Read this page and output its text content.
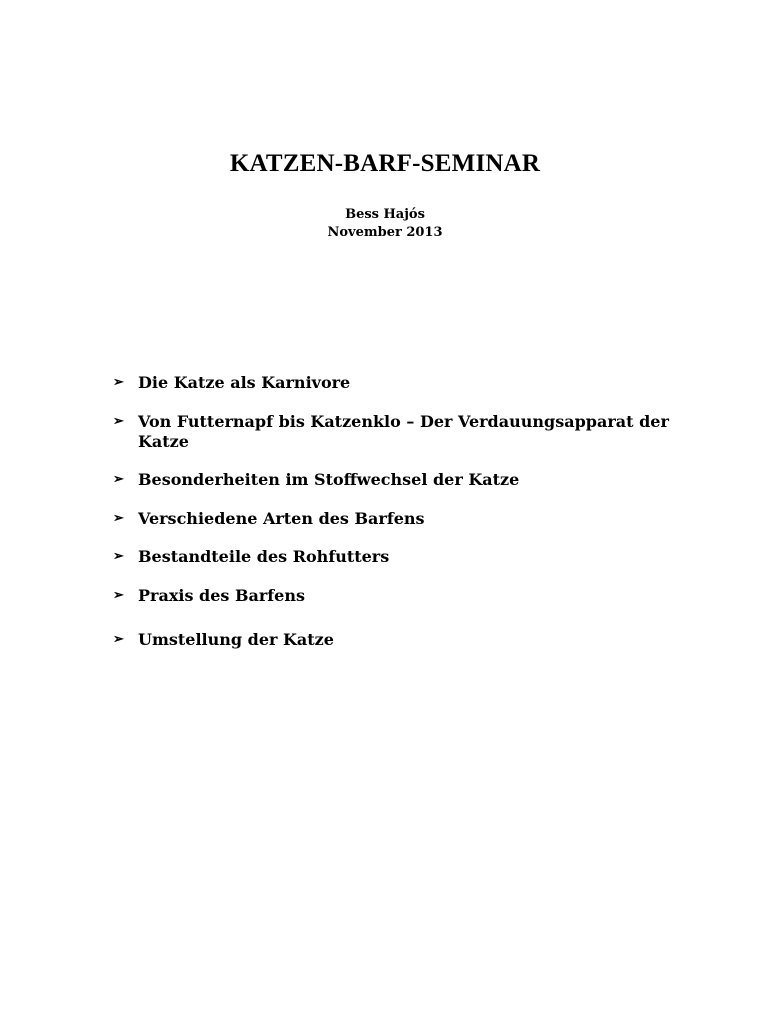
KATZEN-BARF-SEMINAR

Bess Hajós

November 2013

➢ Die Katze als Karnivore
➢ Von Futternapf bis Katzenklo – Der Verdauungsapparat der Katze
➢ Besonderheiten im Stoffwechsel der Katze
➢ Verschiedene Arten des Barfens
➢ Bestandteile des Rohfutters
➢ Praxis des Barfens
➢ Umstellung der Katze
